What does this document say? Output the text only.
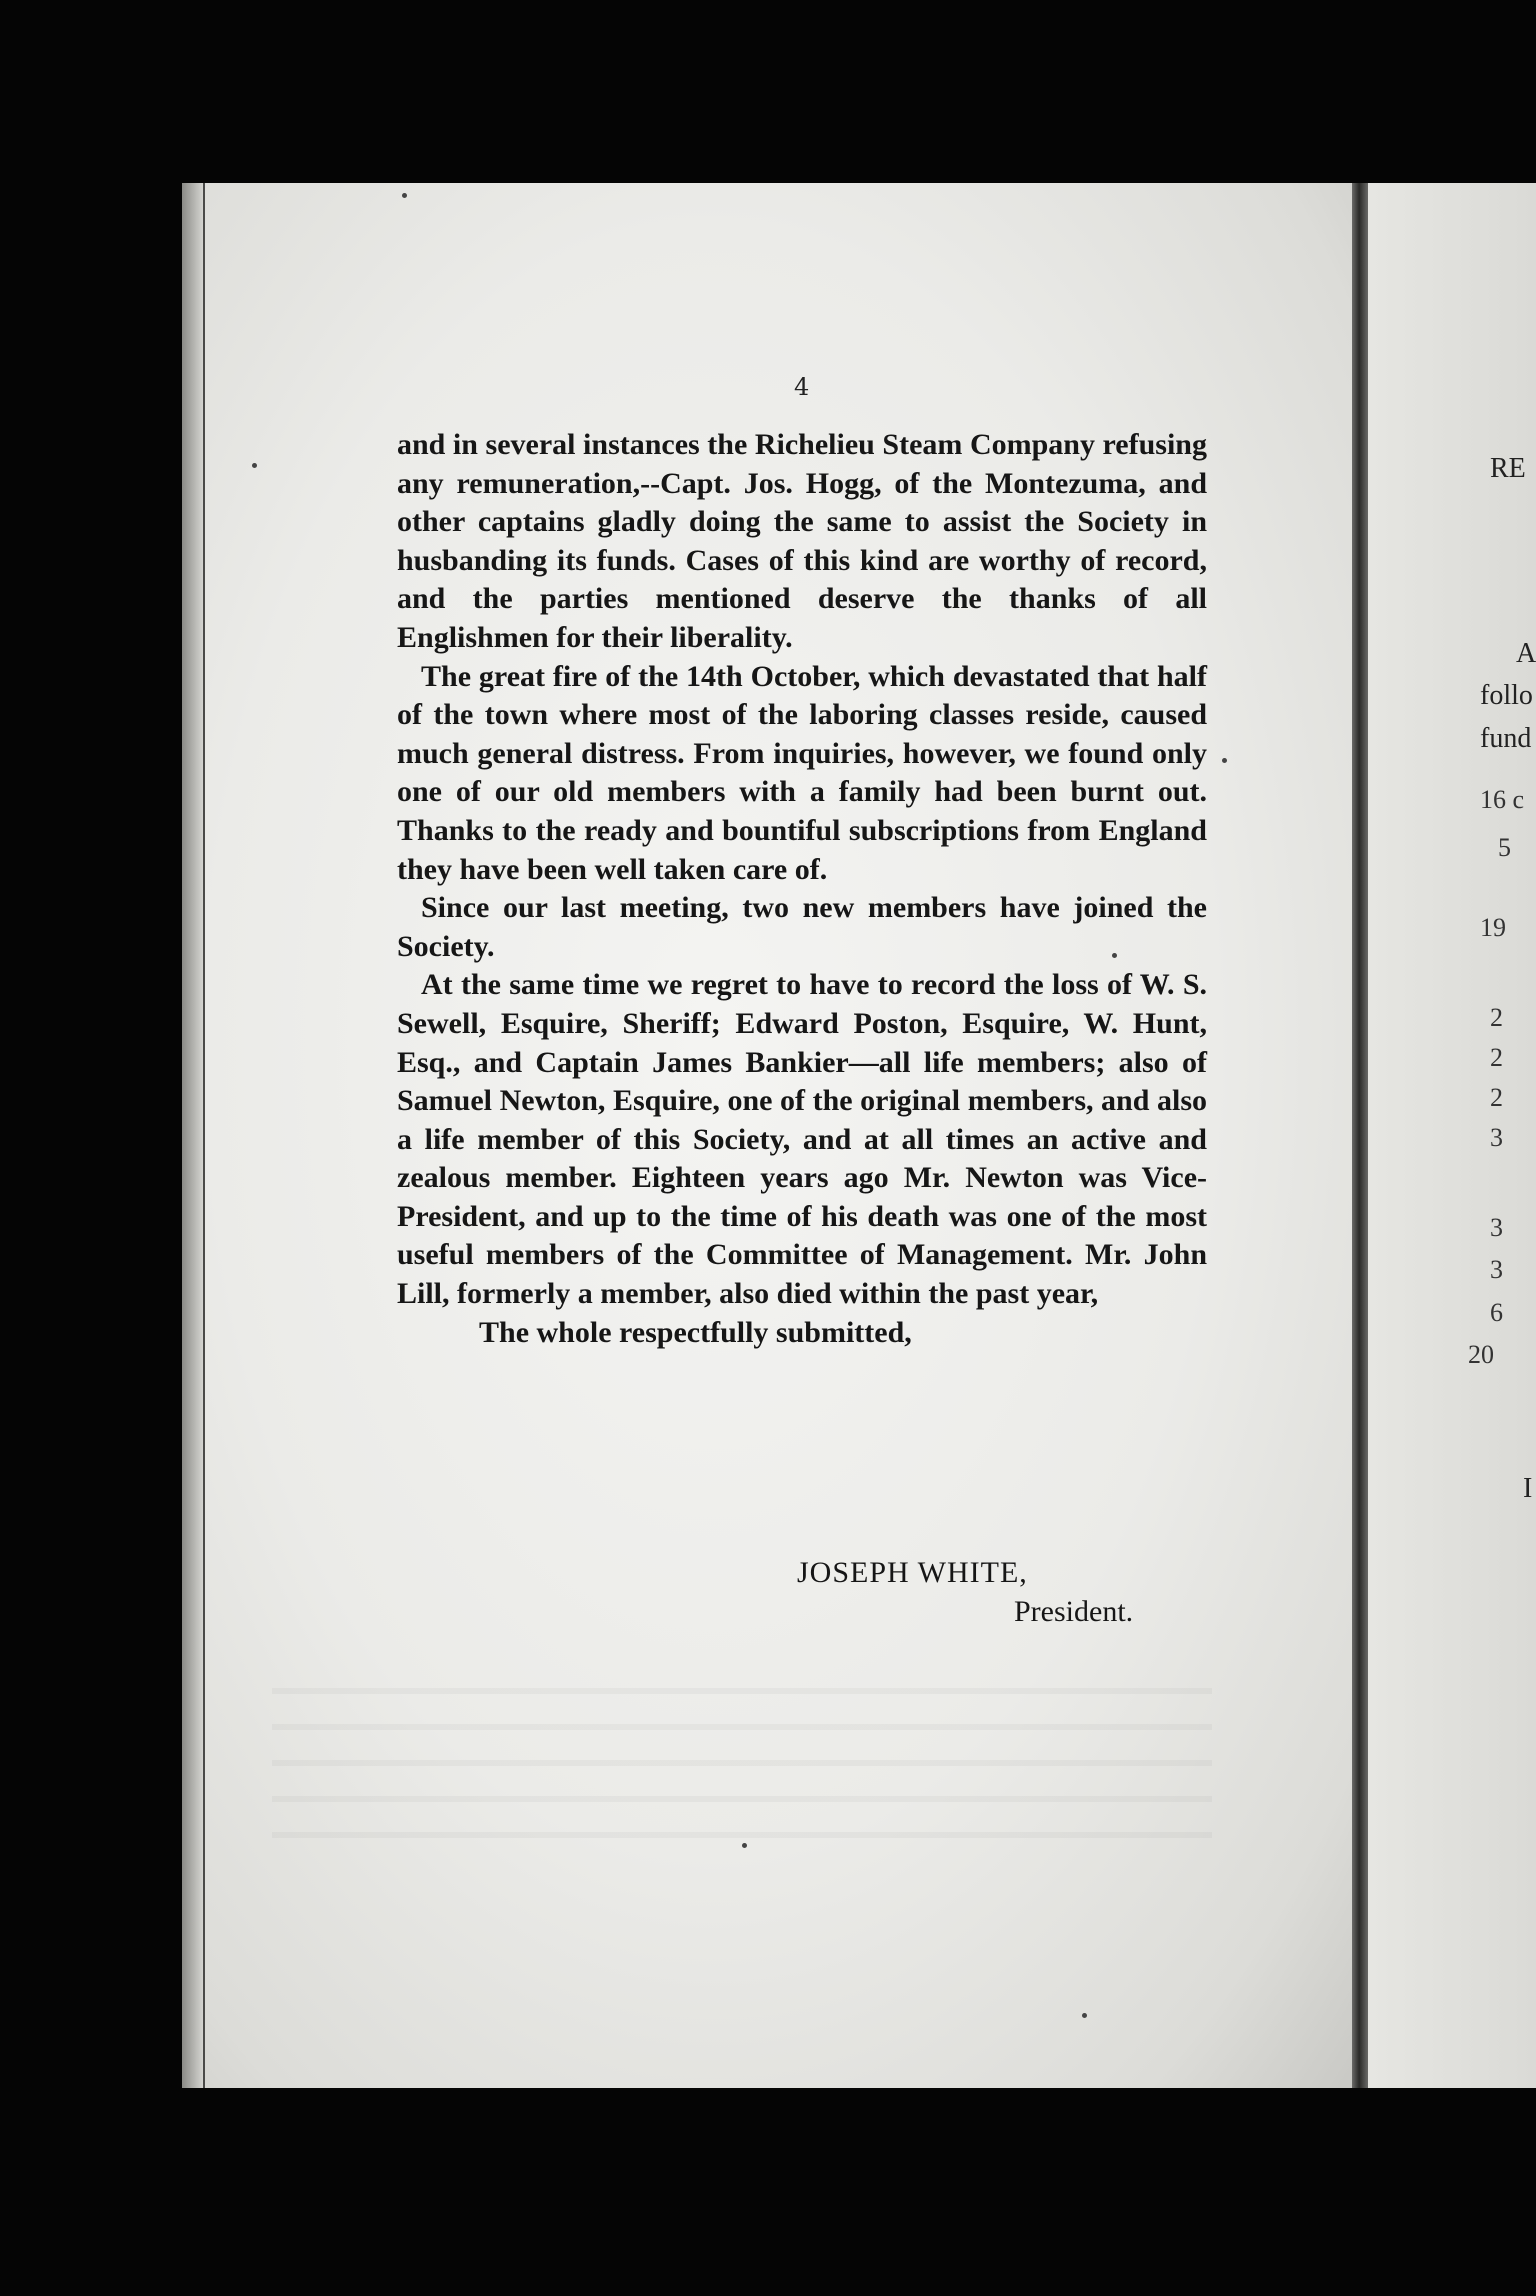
4

and in several instances the Richelieu Steam Company refusing any remuneration,--Capt. Jos. Hogg, of the Montezuma, and other captains gladly doing the same to assist the Society in husbanding its funds. Cases of this kind are worthy of record, and the parties mentioned deserve the thanks of all Englishmen for their liberality.

The great fire of the 14th October, which devastated that half of the town where most of the laboring classes reside, caused much general distress. From inquiries, however, we found only one of our old members with a family had been burnt out. Thanks to the ready and bountiful subscriptions from England they have been well taken care of.

Since our last meeting, two new members have joined the Society.

At the same time we regret to have to record the loss of W. S. Sewell, Esquire, Sheriff; Edward Poston, Esquire, W. Hunt, Esq., and Captain James Bankier—all life members; also of Samuel Newton, Esquire, one of the original members, and also a life member of this Society, and at all times an active and zealous member. Eighteen years ago Mr. Newton was Vice-President, and up to the time of his death was one of the most useful members of the Committee of Management. Mr. John Lill, formerly a member, also died within the past year,

The whole respectfully submitted,

JOSEPH WHITE,
President.
RE
A
follo
fund
16 c
5
19
2
2
2
3
3
3
6
20
I
